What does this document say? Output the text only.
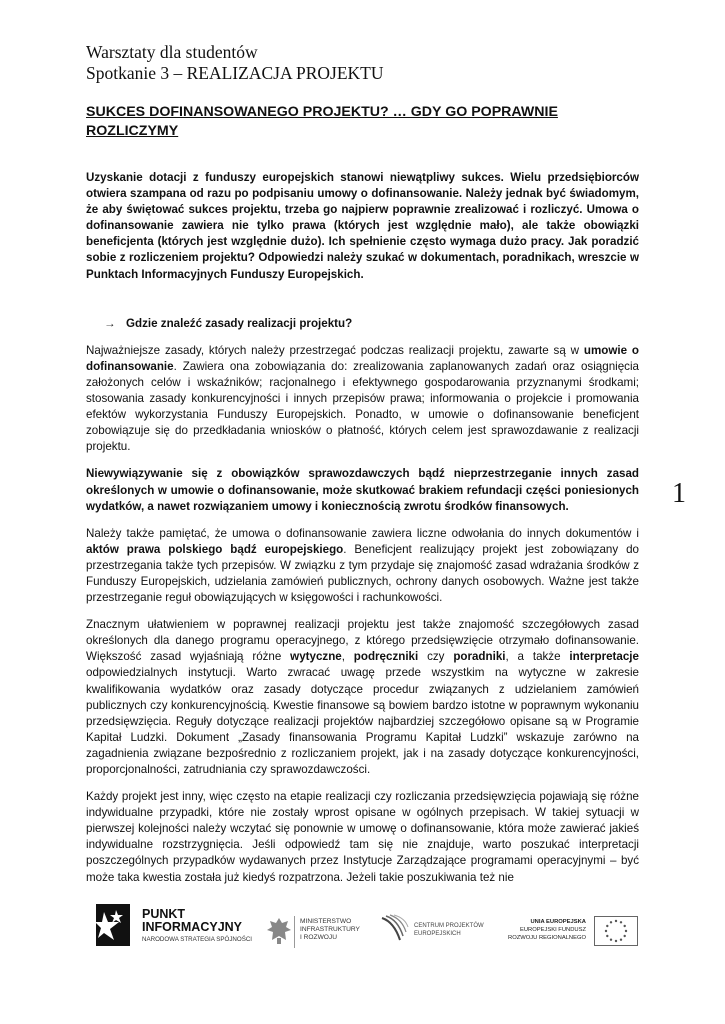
Warsztaty dla studentów
Spotkanie 3 – REALIZACJA PROJEKTU
SUKCES DOFINANSOWANEGO PROJEKTU? … GDY GO POPRAWNIE ROZLICZYMY

Uzyskanie dotacji z funduszy europejskich stanowi niewątpliwy sukces. Wielu przedsiębiorców otwiera szampana od razu po podpisaniu umowy o dofinansowanie. Należy jednak być świadomym, że aby świętować sukces projektu, trzeba go najpierw poprawnie zrealizować i rozliczyć. Umowa o dofinansowanie zawiera nie tylko prawa (których jest względnie mało), ale także obowiązki beneficjenta (których jest względnie dużo). Ich spełnienie często wymaga dużo pracy. Jak poradzić sobie z rozliczeniem projektu? Odpowiedzi należy szukać w dokumentach, poradnikach, wreszcie w Punktach Informacyjnych Funduszy Europejskich.

→ Gdzie znaleźć zasady realizacji projektu?

Najważniejsze zasady, których należy przestrzegać podczas realizacji projektu, zawarte są w umowie o dofinansowanie. Zawiera ona zobowiązania do: zrealizowania zaplanowanych zadań oraz osiągnięcia założonych celów i wskaźników; racjonalnego i efektywnego gospodarowania przyznanymi środkami; stosowania zasady konkurencyjności i innych przepisów prawa; informowania o projekcie i promowania efektów wykorzystania Funduszy Europejskich. Ponadto, w umowie o dofinansowanie beneficjent zobowiązuje się do przedkładania wniosków o płatność, których celem jest sprawozdawanie z realizacji projektu.

Niewywiązywanie się z obowiązków sprawozdawczych bądź nieprzestrzeganie innych zasad określonych w umowie o dofinansowanie, może skutkować brakiem refundacji części poniesionych wydatków, a nawet rozwiązaniem umowy i koniecznością zwrotu środków finansowych.

Należy także pamiętać, że umowa o dofinansowanie zawiera liczne odwołania do innych dokumentów i aktów prawa polskiego bądź europejskiego. Beneficjent realizujący projekt jest zobowiązany do przestrzegania także tych przepisów. W związku z tym przydaje się znajomość zasad wdrażania środków z Funduszy Europejskich, udzielania zamówień publicznych, ochrony danych osobowych. Ważne jest także przestrzeganie reguł obowiązujących w księgowości i rachunkowości.

Znacznym ułatwieniem w poprawnej realizacji projektu jest także znajomość szczegółowych zasad określonych dla danego programu operacyjnego, z którego przedsięwzięcie otrzymało dofinansowanie. Większość zasad wyjaśniają różne wytyczne, podręczniki czy poradniki, a także interpretacje odpowiedzialnych instytucji. Warto zwracać uwagę przede wszystkim na wytyczne w zakresie kwalifikowania wydatków oraz zasady dotyczące procedur związanych z udzielaniem zamówień publicznych czy konkurencyjnością. Kwestie finansowe są bowiem bardzo istotne w poprawnym wykonaniu przedsięwzięcia. Reguły dotyczące realizacji projektów najbardziej szczegółowo opisane są w Programie Kapitał Ludzki. Dokument „Zasady finansowania Programu Kapitał Ludzki” wskazuje zarówno na zagadnienia związane bezpośrednio z rozliczaniem projekt, jak i na zasady dotyczące konkurencyjności, proporcjonalności, zatrudniania czy sprawozdawczości.

Każdy projekt jest inny, więc często na etapie realizacji czy rozliczania przedsięwzięcia pojawiają się różne indywidualne przypadki, które nie zostały wprost opisane w ogólnych przepisach. W takiej sytuacji w pierwszej kolejności należy wczytać się ponownie w umowę o dofinansowanie, która może zawierać jakieś indywidualne rozstrzygnięcia. Jeśli odpowiedź tam się nie znajduje, warto poszukać interpretacji poszczególnych przypadków wydawanych przez Instytucje Zarządzające programami operacyjnymi – być może taka kwestia została już kiedyś rozpatrzona. Jeżeli takie poszukiwania też nie

1
PUNKT
INFORMACYJNY
NARODOWA STRATEGIA SPÓJNOŚCI
MINISTERSTWO
INFRASTRUKTURY
I ROZWOJU
CENTRUM PROJEKTÓW
EUROPEJSKICH
UNIA EUROPEJSKA
EUROPEJSKI FUNDUSZ
ROZWOJU REGIONALNEGO
